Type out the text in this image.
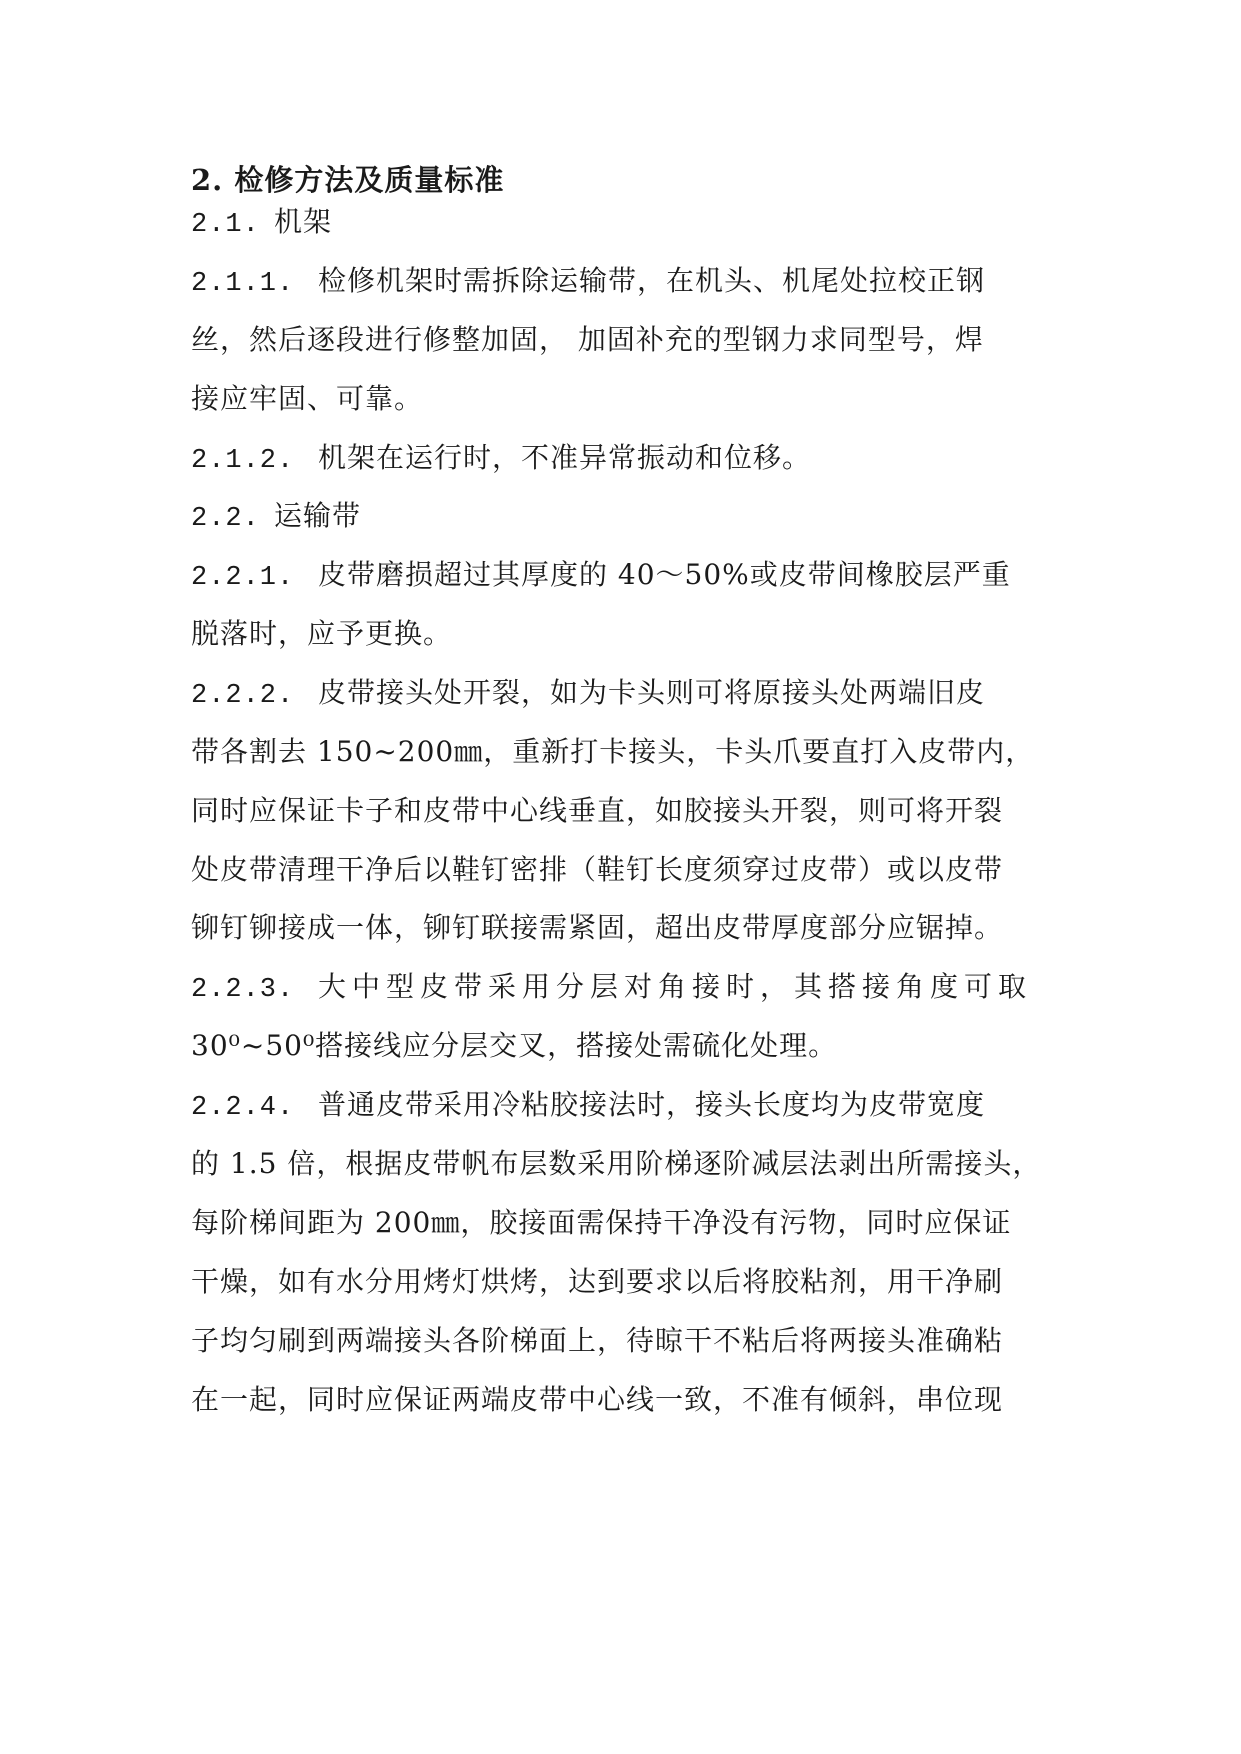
2. 检修方法及质量标准
2.1. 机架
2.1.1. 检修机架时需拆除运输带，在机头、机尾处拉校正钢
丝，然后逐段进行修整加固， 加固补充的型钢力求同型号，焊
接应牢固、可靠。
2.1.2. 机架在运行时，不准异常振动和位移。
2.2. 运输带
2.2.1. 皮带磨损超过其厚度的 40～50%或皮带间橡胶层严重
脱落时，应予更换。
2.2.2. 皮带接头处开裂，如为卡头则可将原接头处两端旧皮
带各割去 150~200㎜，重新打卡接头，卡头爪要直打入皮带内，
同时应保证卡子和皮带中心线垂直，如胶接头开裂，则可将开裂
处皮带清理干净后以鞋钉密排（鞋钉长度须穿过皮带）或以皮带
铆钉铆接成一体，铆钉联接需紧固，超出皮带厚度部分应锯掉。
2.2.3. 大中型皮带采用分层对角接时，其搭接角度可取
30⁰~50⁰搭接线应分层交叉，搭接处需硫化处理。
2.2.4. 普通皮带采用冷粘胶接法时，接头长度均为皮带宽度
的 1.5 倍，根据皮带帆布层数采用阶梯逐阶减层法剥出所需接头，
每阶梯间距为 200㎜，胶接面需保持干净没有污物，同时应保证
干燥，如有水分用烤灯烘烤，达到要求以后将胶粘剂，用干净刷
子均匀刷到两端接头各阶梯面上，待晾干不粘后将两接头准确粘
在一起，同时应保证两端皮带中心线一致，不准有倾斜，串位现
